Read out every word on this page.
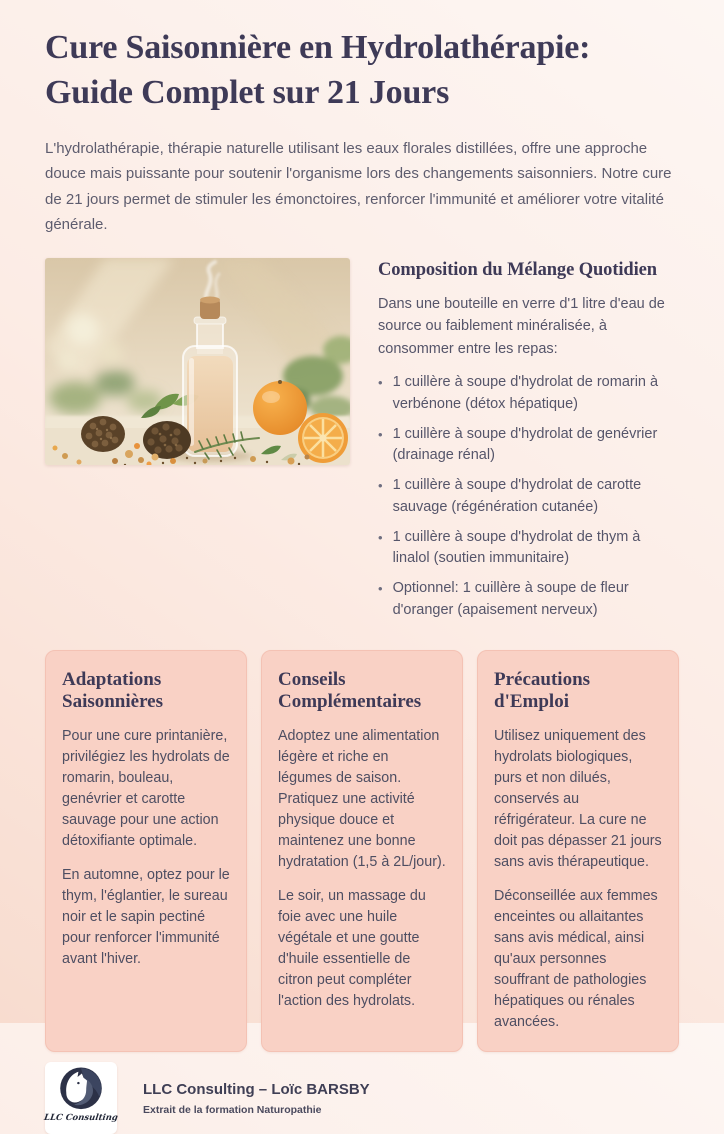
Cure Saisonnière en Hydrolathérapie: Guide Complet sur 21 Jours

L'hydrolathérapie, thérapie naturelle utilisant les eaux florales distillées, offre une approche douce mais puissante pour soutenir l'organisme lors des changements saisonniers. Notre cure de 21 jours permet de stimuler les émonctoires, renforcer l'immunité et améliorer votre vitalité générale.

Composition du Mélange Quotidien

Dans une bouteille en verre d'1 litre d'eau de source ou faiblement minéralisée, à consommer entre les repas:

• 1 cuillère à soupe d'hydrolat de romarin à verbénone (détox hépatique)
• 1 cuillère à soupe d'hydrolat de genévrier (drainage rénal)
• 1 cuillère à soupe d'hydrolat de carotte sauvage (régénération cutanée)
• 1 cuillère à soupe d'hydrolat de thym à linalol (soutien immunitaire)
• Optionnel: 1 cuillère à soupe de fleur d'oranger (apaisement nerveux)
Adaptations Saisonnières

Pour une cure printanière, privilégiez les hydrolats de romarin, bouleau, genévrier et carotte sauvage pour une action détoxifiante optimale.

En automne, optez pour le thym, l'églantier, le sureau noir et le sapin pectiné pour renforcer l'immunité avant l'hiver.

Conseils Complémentaires

Adoptez une alimentation légère et riche en légumes de saison. Pratiquez une activité physique douce et maintenez une bonne hydratation (1,5 à 2L/jour).

Le soir, un massage du foie avec une huile végétale et une goutte d'huile essentielle de citron peut compléter l'action des hydrolats.

Précautions d'Emploi

Utilisez uniquement des hydrolats biologiques, purs et non dilués, conservés au réfrigérateur. La cure ne doit pas dépasser 21 jours sans avis thérapeutique.

Déconseillée aux femmes enceintes ou allaitantes sans avis médical, ainsi qu'aux personnes souffrant de pathologies hépatiques ou rénales avancées.

LLC Consulting
LLC Consulting – Loïc BARSBY
Extrait de la formation Naturopathie
